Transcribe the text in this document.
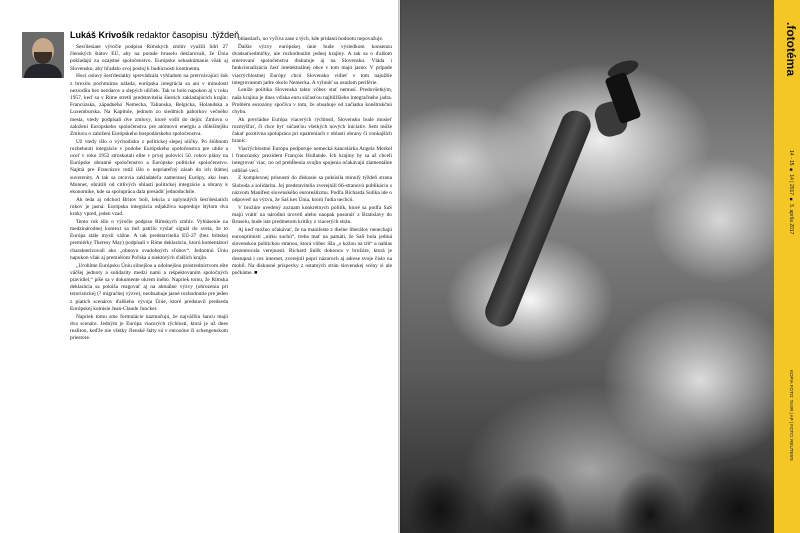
Lukáš Krivošík redaktor časopisu .týždeň

Šesťdesiate výročie podpisu Rímskych zmlúv využili lídri 27 členských štátov EÚ, aby na porade bruselu deklarovali, že Únia pokladajú za ozajstné spoločenstvo. Európske sebaskúmanie však aj Slovensko, aby hľadalo svoj postoj k budúcnosti kontinentu.

Hoci oslavy šesťdesiatky sprevádzala vyhladom na pretrvávajúci šok z brexitu pochmúrna nálada, európska integrácia sa ani v minulosti nezrodila bez nezdarov a slepých uličiek. Tak to bolo napokon aj v roku 1957, keď sa v Ríme stretli predstavitelia šiestich zakladajúcich krajín: Francúzska, západného Nemecka, Talianska, Belgicka, Holandska a Luxemburska. Na Kapitole, jednom zo siedmich pahorkov večného mesta, vtedy podpísali dve zmluvy, ktoré vošli do dejín: Zmluvu o založení Európskeho spoločenstva pre atómovú energiu a dôležitejšiu Zmluvu o založení Európskeho hospodárskeho spoločenstva.

Už vtedy išlo o východisko z politickej slepej uličky. Po štúbnom rozbehnutí integrácie v podobe Európskeho spoločenstva pre uhlie a oceľ v roku 1952 stroskotali elite v prvej polovici 50. rokov plány na Európske obranné spoločenstvo a Európske politické spoločenstvo. Najmä pre Francúzov totiž išlo o nepriateľný zásah do ich štátnej suverenity. A tak sa otcovia zakladateľa zameranej Európy, ako Jean Monnet, obrátili od citlivých oblastí politickej integrácie a obrany k ekonomike, kde sa spolupráca dala presadiť jednoduchšie.

Ak teda aj odchod Britov boli, lekcia z uplynulých šesťdesiatich rokov je jasná: Európska integrácia odjakživa napreduje štýlom dva kroky vpred, jeden vzad.

Tento rok išlo o výročie podpisu Rímskych zmlúv. Vyhlásenie na medzinárodnej kontext sa tiež patrilo vyslať signál do sveta, že to Európa stále myslí vážne. A tak predstavitelia EÚ-27 (bez britskej premiérky Theresy May) podpísali v Ríme deklaráciu, ktorú komentátori charakterizovali ako „obnovu svadobných sľubov“. Jednotnú Úniu napokon však aj premiérom Poľska a niektorých ďalších krajín.

„Urobíme Európsku Úniu silnejšou a odolnejšou prostredníctvom ešte väčšej jednoty a solidarity medzi nami a rešpektovaním spoločných pravidiel,“ píše sa v dokumente okrem iného. Napriek tomu, že Rímska deklarácia sa pokúša reagovať aj na aktuálne výzvy (ohrozenia pri teroristickej (? migračnej výzve), neobsahuje jasné rozhodnutie pre jeden z piatich scenárov ďalšieho vývoja Únie, ktoré predstavil predseda Európskej komisie Jean-Claude Juncker.

Napriek tomu sme formulácie nazmačujú, že najväčšiu šancu majú dva scenáre. Jedným je Európa viacerých rýchlostí, ktorá je už dnes realitou, keďže nie všetky členské štáty sú v eurozóne či schengenskom priestore.

oblastiach, no vyčiva zase z tých, kde pridanú hodnotu nepovažuje.

Ďalšie výzvy európskej únie bude výsledkom konsenzu dvadsaťsedmičky, nie rozhodnutím jednej krajiny. A tak sa o ďalšom smerovaní spoločenstva diskutuje aj na Slovensku. Vláda i fankcionalizácia časť intelektuálnej obce v tom majú jasno: V prípade viacrýchlostnej Európy chcú Slovensko vidieť v tom najužšie integrovanom jadre okolo Nemecka. A vyhnúť sa osudom periférie.

Leniže politika Slovenska takto vôbec stať nemusí. Predovšetkým, naša krajina je dnes vďaka euru súčasťou najbližšieho integračného jadra. Problém eurozóny spočíva v tom, že obsahuje od začiatku konštrukčnú chybu.

Ak prevládne Európa viacerých rýchlostí, Slovensko bude musieť rozmýšľať, či chce byť súčasťou všetkých nových iniciatív. Sem môže čakať pozitívna spolupráca pri opatreniach v oblasti obrany či vonkajších hraníc.

Viacrýchlostnú Európu podporuje nemecká kancelárka Angela Merkel i francúzsky prezident François Hollande. Ich krajiny by sa až chceli integrovať viac, no od prehĺbenia svojho spojenia očakávajú zlamentálne odlišné veci.

Z komplexnej prísnosti do diskusie sa pokúsila minulý týždeň strana Sloboda a solidarita. Jej predstavitelia zverejnili 66-stranovú publikáciu s názvom Manifest slovenského euroreálizmu. Podľa Richarda Sulíka ide o odpoveď na výzvu, že Saš kes Únia, ktorú ľudia nechcú.

V brožúre uvedený zoznam konkrétnych politík, ktoré sa podľa SaS majú vrátiť na národnú úroveň alebo naopak posunúť z Bratislavy do Bruselu, bude iste predmetom kritiky z viacerých strán.

Aj keď možno očakávať, že na manifeste z dielne liberálov nenechajú eurooptimisti „nitku suchú“, treba mať na pamäti, že SaS bola jediná slovenskou politickou stranou, ktorá vôbec išla „s kožou na trh“ a nahlas prezentovala verejnosti. Richard Sulík dokonca v brožúre, ktorá je dostupná i cez internet, zverejnil popri názoroch aj adrese svoje číslo na mobil. Na diskusné príspevky z ostatných strán slovenskej scény si ale počkáme. ■

.fototéma
14 - 15 ■ 14 | 2017 ■ 3. apríla 2017
KOPIA FOTO: TASR | AP | FOTO: REUTERS
